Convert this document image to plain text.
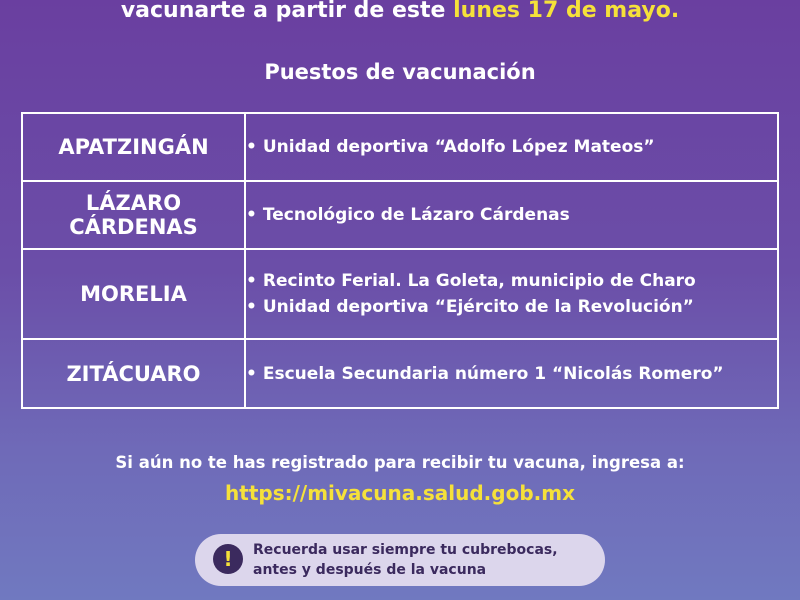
vacunarte a partir de este lunes 17 de mayo.
Puestos de vacunación
APATZINGÁN	• Unidad deportiva “Adolfo López Mateos”

LÁZARO
CÁRDENAS	• Tecnológico de Lázaro Cárdenas

MORELIA	• Recinto Ferial. La Goleta, municipio de Charo
• Unidad deportiva “Ejército de la Revolución”

ZITÁCUARO	• Escuela Secundaria número 1 “Nicolás Romero”
Si aún no te has registrado para recibir tu vacuna, ingresa a:
https://mivacuna.salud.gob.mx
!	Recuerda usar siempre tu cubrebocas,
antes y después de la vacuna
